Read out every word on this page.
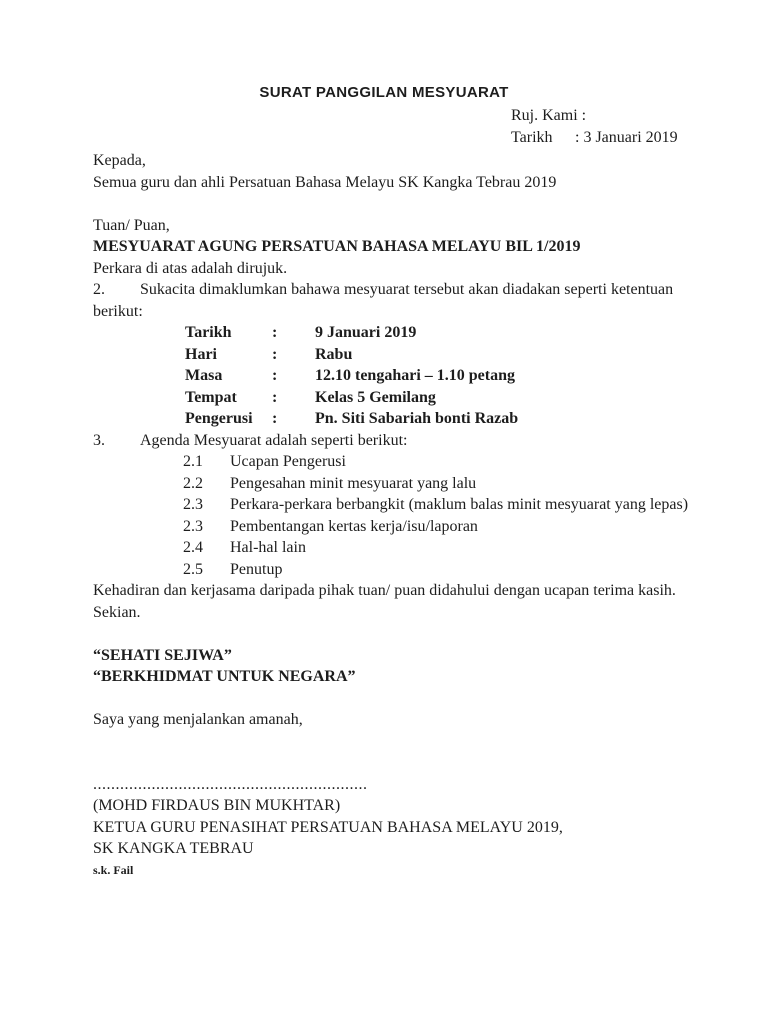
SURAT PANGGILAN MESYUARAT
Ruj. Kami :
Tarikh : 3 Januari 2019
Kepada,
Semua guru dan ahli Persatuan Bahasa Melayu SK Kangka Tebrau 2019
Tuan/ Puan,
MESYUARAT AGUNG PERSATUAN BAHASA MELAYU BIL 1/2019
Perkara di atas adalah dirujuk.
2. Sukacita dimaklumkan bahawa mesyuarat tersebut akan diadakan seperti ketentuan berikut:
Tarikh	: 9 Januari 2019
Hari	: Rabu
Masa	: 12.10 tengahari – 1.10 petang
Tempat : Kelas 5 Gemilang
Pengerusi : Pn. Siti Sabariah bonti Razab
3. Agenda Mesyuarat adalah seperti berikut:
2.1 Ucapan Pengerusi
2.2 Pengesahan minit mesyuarat yang lalu
2.3 Perkara-perkara berbangkit (maklum balas minit mesyuarat yang lepas)
2.3 Pembentangan kertas kerja/isu/laporan
2.4 Hal-hal lain
2.5 Penutup
Kehadiran dan kerjasama daripada pihak tuan/ puan didahului dengan ucapan terima kasih.
Sekian.
“SEHATI SEJIWA”
“BERKHIDMAT UNTUK NEGARA”
Saya yang menjalankan amanah,
.............................................................
(MOHD FIRDAUS BIN MUKHTAR)
KETUA GURU PENASIHAT PERSATUAN BAHASA MELAYU 2019,
SK KANGKA TEBRAU
s.k. Fail
